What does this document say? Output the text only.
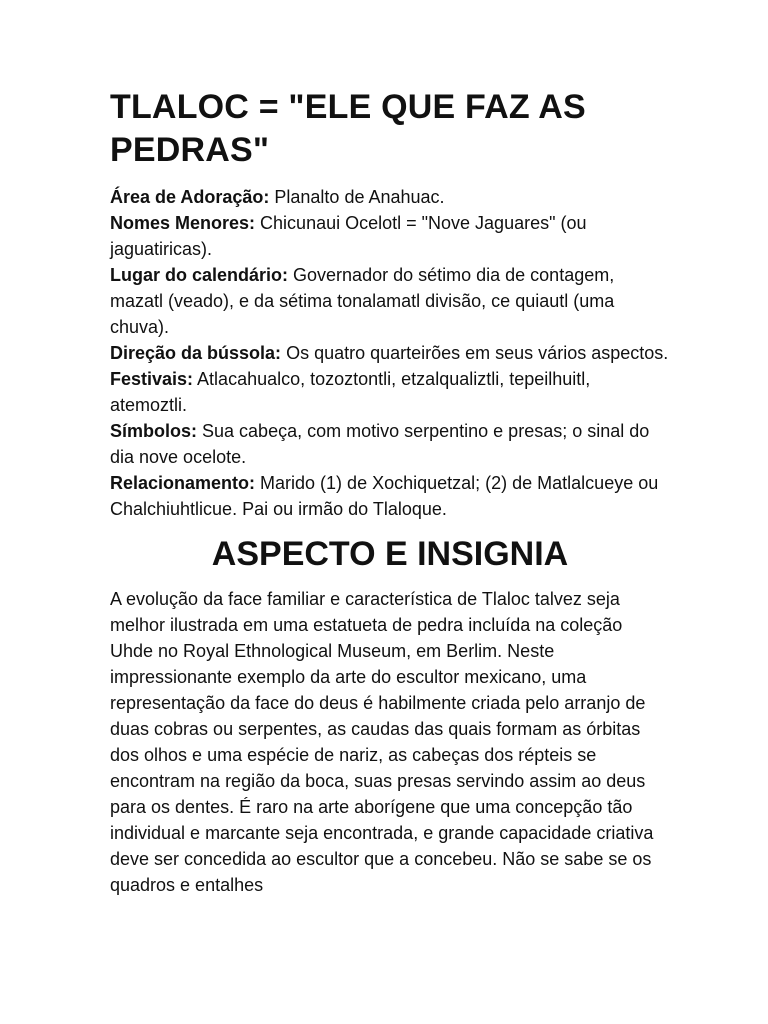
TLALOC = "ELE QUE FAZ AS PEDRAS"

Área de Adoração: Planalto de Anahuac.

Nomes Menores: Chicunaui Ocelotl = "Nove Jaguares" (ou jaguatiricas).

Lugar do calendário: Governador do sétimo dia de contagem, mazatl (veado), e da sétima tonalamatl divisão, ce quiautl (uma chuva).

Direção da bússola: Os quatro quarteirões em seus vários aspectos.

Festivais: Atlacahualco, tozoztontli, etzalqualiztli, tepeilhuitl, atemoztli.

Símbolos: Sua cabeça, com motivo serpentino e presas; o sinal do dia nove ocelote.

Relacionamento: Marido (1) de Xochiquetzal; (2) de Matlalcueye ou Chalchiuhtlicue. Pai ou irmão do Tlaloque.

ASPECTO E INSIGNIA

A evolução da face familiar e característica de Tlaloc talvez seja melhor ilustrada em uma estatueta de pedra incluída na coleção Uhde no Royal Ethnological Museum, em Berlim. Neste impressionante exemplo da arte do escultor mexicano, uma representação da face do deus é habilmente criada pelo arranjo de duas cobras ou serpentes, as caudas das quais formam as órbitas dos olhos e uma espécie de nariz, as cabeças dos répteis se encontram na região da boca, suas presas servindo assim ao deus para os dentes. É raro na arte aborígene que uma concepção tão individual e marcante seja encontrada, e grande capacidade criativa deve ser concedida ao escultor que a concebeu. Não se sabe se os quadros e entalhes
